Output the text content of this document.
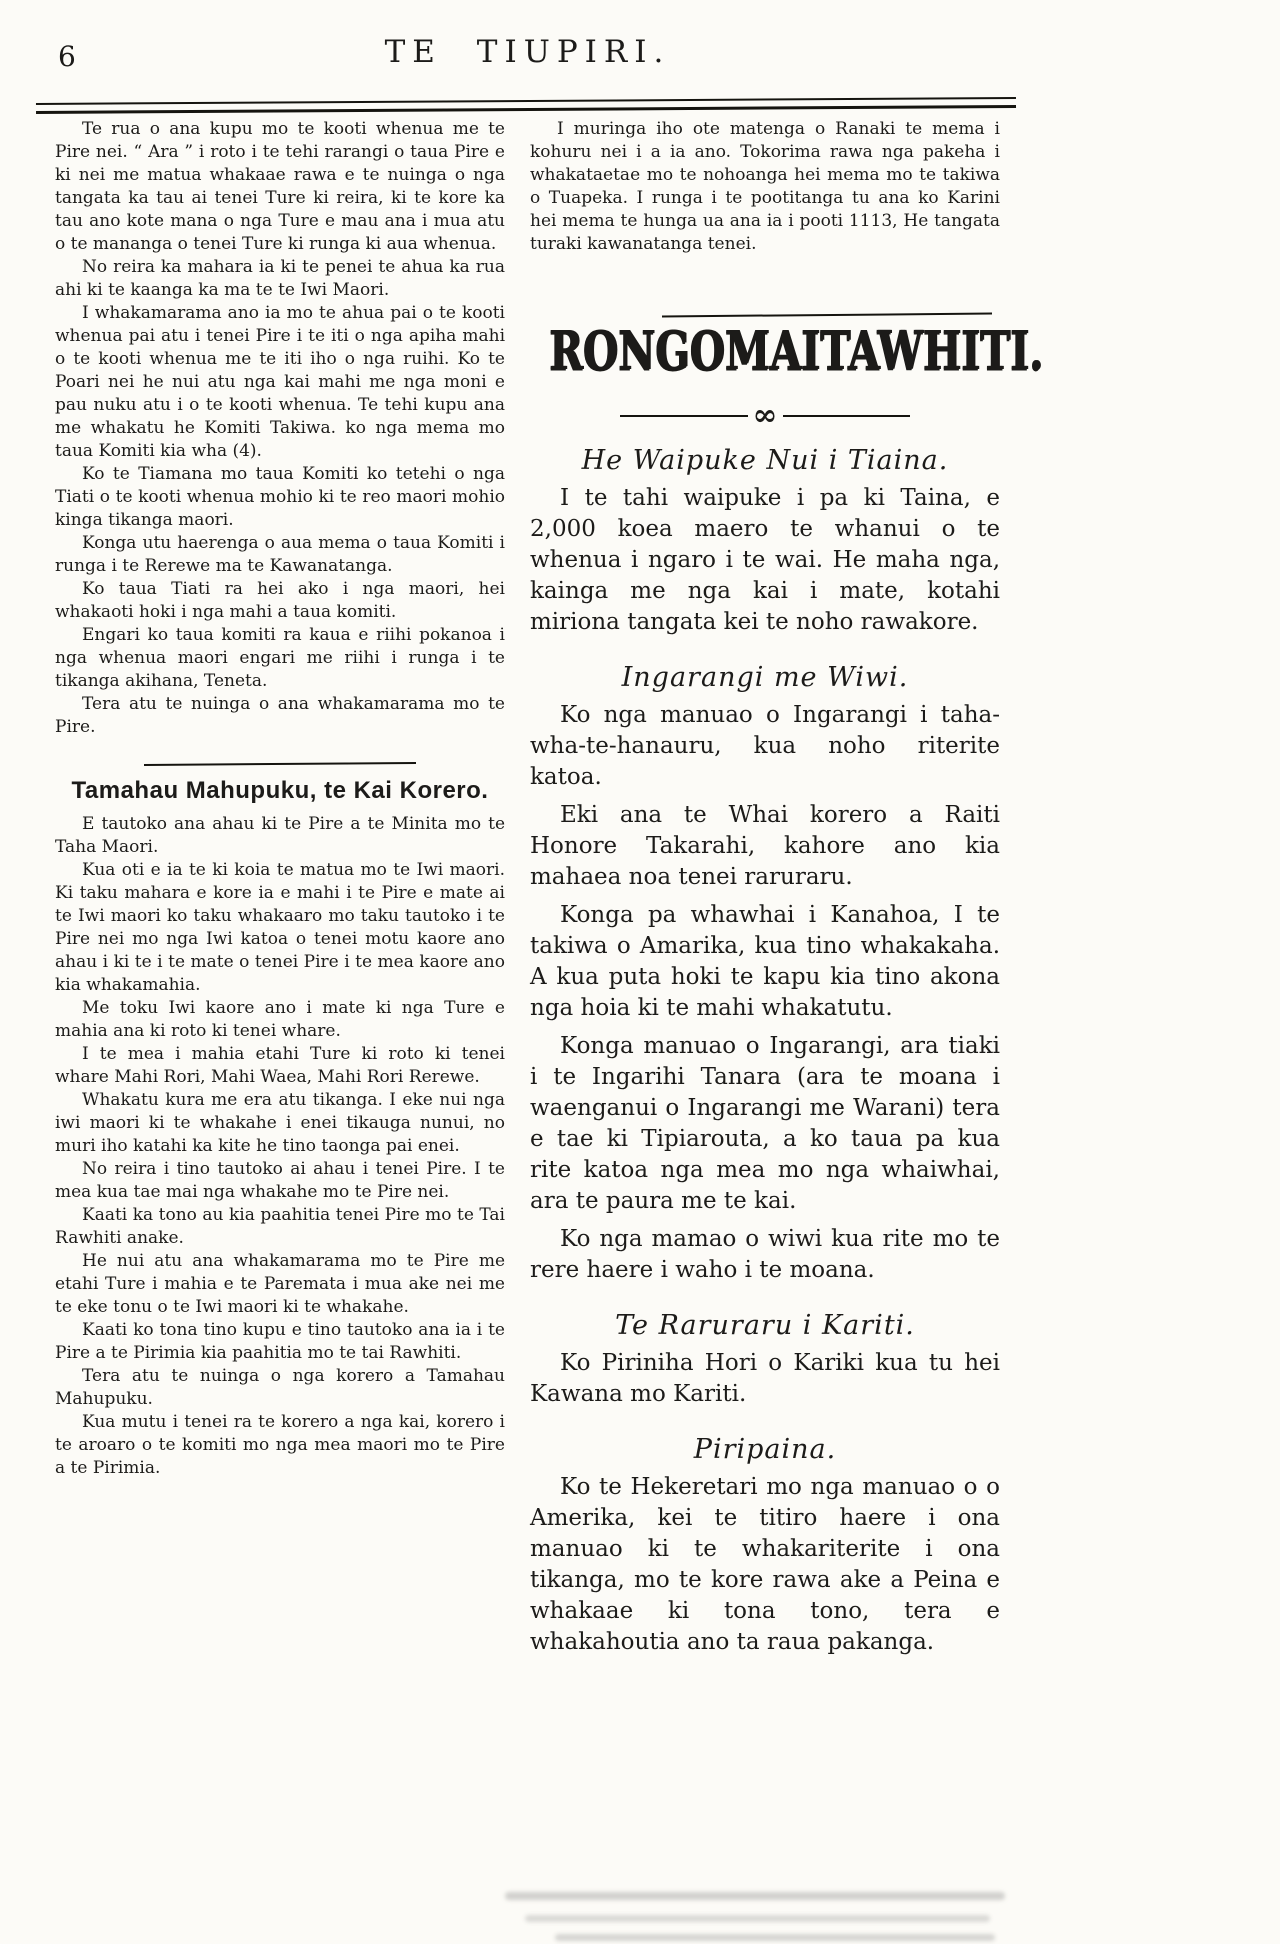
6	TE TIUPIRI.

Te rua o ana kupu mo te kooti whenua me te Pire nei. “ Ara ” i roto i te tehi rarangi o taua Pire e ki nei me matua whakaae rawa e te nuinga o nga tangata ka tau ai tenei Ture ki reira, ki te kore ka tau ano kote mana o nga Ture e mau ana i mua atu o te mananga o tenei Ture ki runga ki aua whenua.

No reira ka mahara ia ki te penei te ahua ka rua ahi ki te kaanga ka ma te te Iwi Maori.

I whakamarama ano ia mo te ahua pai o te kooti whenua pai atu i tenei Pire i te iti o nga apiha mahi o te kooti whenua me te iti iho o nga ruihi. Ko te Poari nei he nui atu nga kai mahi me nga moni e pau nuku atu i o te kooti whenua. Te tehi kupu ana me whakatu he Komiti Takiwa. ko nga mema mo taua Komiti kia wha (4).

Ko te Tiamana mo taua Komiti ko tetehi o nga Tiati o te kooti whenua mohio ki te reo maori mohio kinga tikanga maori.

Konga utu haerenga o aua mema o taua Komiti i runga i te Rerewe ma te Kawanatanga.

Ko taua Tiati ra hei ako i nga maori, hei whakaoti hoki i nga mahi a taua komiti.

Engari ko taua komiti ra kaua e riihi pokanoa i nga whenua maori engari me riihi i runga i te tikanga akihana, Teneta.

Tera atu te nuinga o ana whakamarama mo te Pire.

Tamahau Mahupuku, te Kai Korero.

E tautoko ana ahau ki te Pire a te Minita mo te Taha Maori.

Kua oti e ia te ki koia te matua mo te Iwi maori. Ki taku mahara e kore ia e mahi i te Pire e mate ai te Iwi maori ko taku whakaaro mo taku tautoko i te Pire nei mo nga Iwi katoa o tenei motu kaore ano ahau i ki te i te mate o tenei Pire i te mea kaore ano kia whakamahia.

Me toku Iwi kaore ano i mate ki nga Ture e mahia ana ki roto ki tenei whare.

I te mea i mahia etahi Ture ki roto ki tenei whare Mahi Rori, Mahi Waea, Mahi Rori Rerewe.

Whakatu kura me era atu tikanga. I eke nui nga iwi maori ki te whakahe i enei tikauga nunui, no muri iho katahi ka kite he tino taonga pai enei.

No reira i tino tautoko ai ahau i tenei Pire. I te mea kua tae mai nga whakahe mo te Pire nei.

Kaati ka tono au kia paahitia tenei Pire mo te Tai Rawhiti anake.

He nui atu ana whakamarama mo te Pire me etahi Ture i mahia e te Paremata i mua ake nei me te eke tonu o te Iwi maori ki te whakahe.

Kaati ko tona tino kupu e tino tautoko ana ia i te Pire a te Pirimia kia paahitia mo te tai Rawhiti.

Tera atu te nuinga o nga korero a Tamahau Mahupuku.

Kua mutu i tenei ra te korero a nga kai, korero i te aroaro o te komiti mo nga mea maori mo te Pire a te Pirimia.

I muringa iho ote matenga o Ranaki te mema i kohuru nei i a ia ano. Tokorima rawa nga pakeha i whakataetae mo te nohoanga hei mema mo te takiwa o Tuapeka. I runga i te pootitanga tu ana ko Karini hei mema te hunga ua ana ia i pooti 1113, He tangata turaki kawanatanga tenei.

RONGOMAITAWHITI.
∞
He Waipuke Nui i Tiaina.

I te tahi waipuke i pa ki Taina, e 2,000 koea maero te whanui o te whenua i ngaro i te wai. He maha nga, kainga me nga kai i mate, kotahi miriona tangata kei te noho rawakore.

Ingarangi me Wiwi.

Ko nga manuao o Ingarangi i taha-wha-te-hanauru, kua noho riterite katoa.

Eki ana te Whai korero a Raiti Honore Takarahi, kahore ano kia mahaea noa tenei raruraru.

Konga pa whawhai i Kanahoa, I te takiwa o Amarika, kua tino whakakaha. A kua puta hoki te kapu kia tino akona nga hoia ki te mahi whakatutu.

Konga manuao o Ingarangi, ara tiaki i te Ingarihi Tanara (ara te moana i waenganui o Ingarangi me Warani) tera e tae ki Tipiarouta, a ko taua pa kua rite katoa nga mea mo nga whaiwhai, ara te paura me te kai.

Ko nga mamao o wiwi kua rite mo te rere haere i waho i te moana.

Te Raruraru i Kariti.

Ko Piriniha Hori o Kariki kua tu hei Kawana mo Kariti.

Piripaina.

Ko te Hekeretari mo nga manuao o o Amerika, kei te titiro haere i ona manuao ki te whakariterite i ona tikanga, mo te kore rawa ake a Peina e whakaae ki tona tono, tera e whakahoutia ano ta raua pakanga.
